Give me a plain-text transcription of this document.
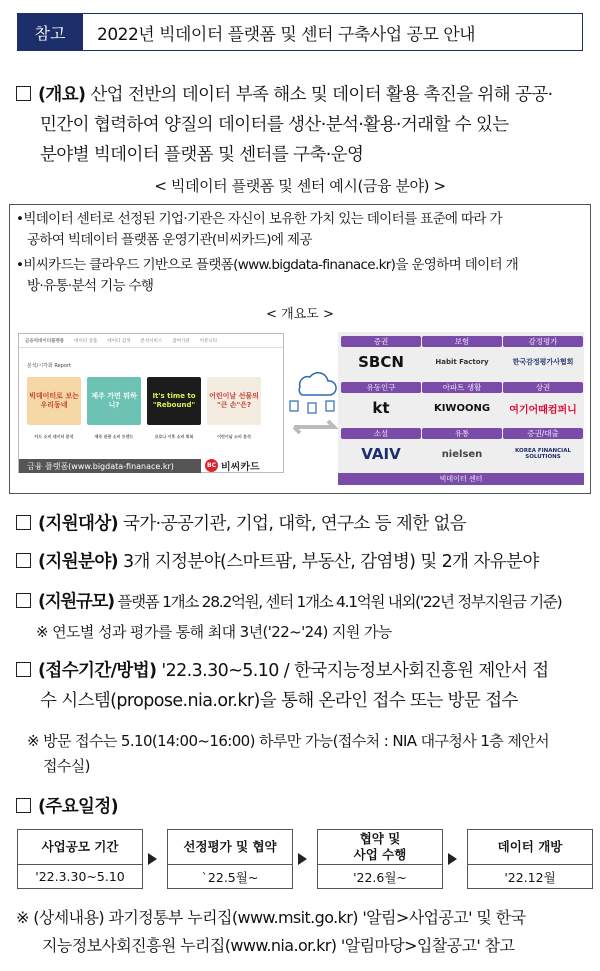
참고	2022년 빅데이터 플랫폼 및 센터 구축사업 공모 안내
(개요) 산업 전반의 데이터 부족 해소 및 데이터 활용 촉진을 위해 공공·
민간이 협력하여 양질의 데이터를 생산·분석·활용·거래할 수 있는
분야별 빅데이터 플랫폼 및 센터를 구축·운영
< 빅데이터 플랫폼 및 센터 예시(금융 분야) >
•빅데이터 센터로 선정된 기업·기관은 자신이 보유한 가치 있는 데이터를 표준에 따라 가
공하여 빅데이터 플랫폼 운영기관(비씨카드)에 제공
•비씨카드는 클라우드 기반으로 플랫폼(www.bigdata-finanace.kr)을 운영하며 데이터 개
방·유통·분석 기능 수행
< 개요도 >
금융빅데이터플랫폼 데이터 상품 데이터 검색 분석서비스 참여기관 커뮤니티
분석/시각화 Report
빅데이터로 보는 우리동네
카드 소비 데이터 분석
제주 가면 뭐하니?
제주 관광 소비 트렌드
It's time to "Rebound"
코로나 이후 소비 회복
어린이날 선물의 "큰 손"은?
어린이날 소비 분석
금융 플랫폼(www.bigdata-finanace.kr)	BC 비씨카드
빅데이터 센터
증권
SBCN
보험
Habit Factory
감정평가
한국감정평가사협회
유동인구
kt
아파트 생활
KIWOONG
상권
여기어때컴퍼니
소셜
VAIV
유통
nielsen
증권/대출
KOREA FINANCIAL SOLUTIONS
(지원대상) 국가·공공기관, 기업, 대학, 연구소 등 제한 없음
(지원분야) 3개 지정분야(스마트팜, 부동산, 감염병) 및 2개 자유분야
(지원규모) 플랫폼 1개소 28.2억원, 센터 1개소 4.1억원 내외('22년 정부지원금 기준)
※ 연도별 성과 평가를 통해 최대 3년('22~'24) 지원 가능
(접수기간/방법) '22.3.30~5.10 / 한국지능정보사회진흥원 제안서 접
수 시스템(propose.nia.or.kr)을 통해 온라인 접수 또는 방문 접수
※ 방문 접수는 5.10(14:00~16:00) 하루만 가능(접수처 : NIA 대구청사 1층 제안서
접수실)
(주요일정)
사업공모 기간
'22.3.30~5.10
선정평가 및 협약
`22.5월~
협약 및
사업 수행
'22.6월~
데이터 개방
'22.12월
※ (상세내용) 과기정통부 누리집(www.msit.go.kr) '알림>사업공고' 및 한국
지능정보사회진흥원 누리집(www.nia.or.kr) '알림마당>입찰공고' 참고
